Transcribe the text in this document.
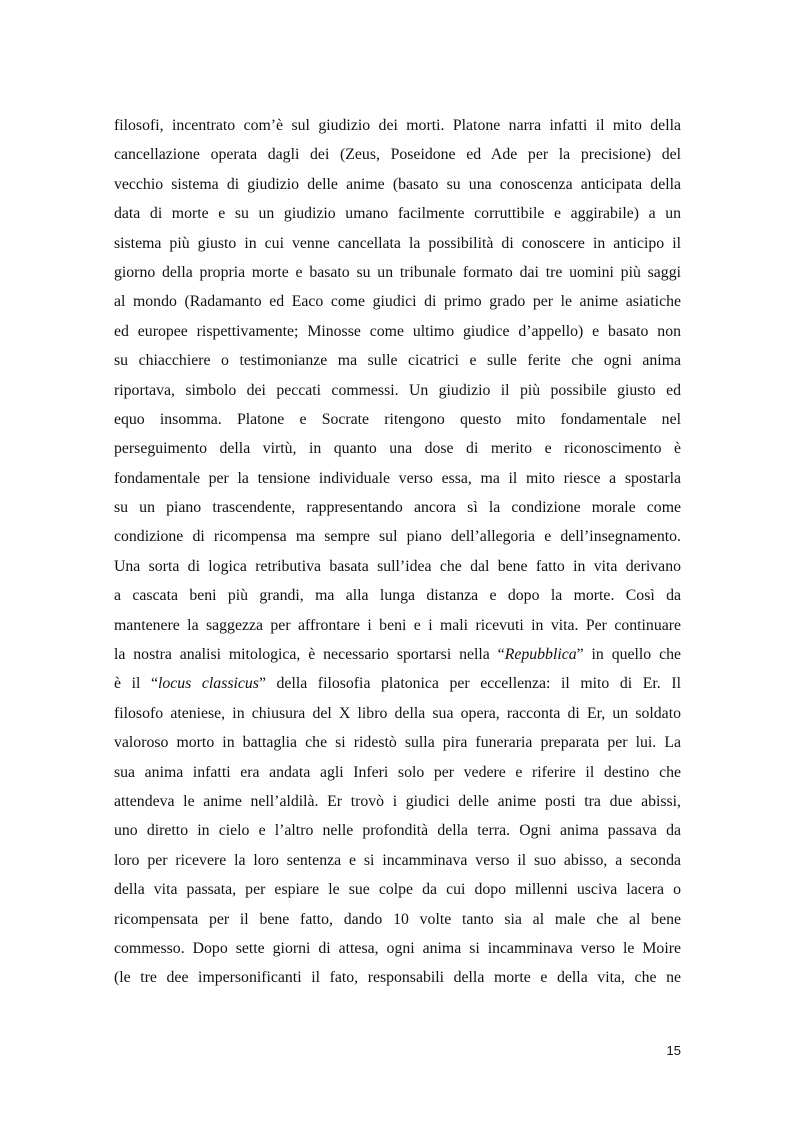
filosofi, incentrato com’è sul giudizio dei morti. Platone narra infatti il mito della
cancellazione operata dagli dei (Zeus, Poseidone ed Ade per la precisione) del
vecchio sistema di giudizio delle anime (basato su una conoscenza anticipata della
data di morte e su un giudizio umano facilmente corruttibile e aggirabile) a un
sistema più giusto in cui venne cancellata la possibilità di conoscere in anticipo il
giorno della propria morte e basato su un tribunale formato dai tre uomini più saggi
al mondo (Radamanto ed Eaco come giudici di primo grado per le anime asiatiche
ed europee rispettivamente; Minosse come ultimo giudice d’appello) e basato non
su chiacchiere o testimonianze ma sulle cicatrici e sulle ferite che ogni anima
riportava, simbolo dei peccati commessi. Un giudizio il più possibile giusto ed
equo insomma. Platone e Socrate ritengono questo mito fondamentale nel
perseguimento della virtù, in quanto una dose di merito e riconoscimento è
fondamentale per la tensione individuale verso essa, ma il mito riesce a spostarla
su un piano trascendente, rappresentando ancora sì la condizione morale come
condizione di ricompensa ma sempre sul piano dell’allegoria e dell’insegnamento.
Una sorta di logica retributiva basata sull’idea che dal bene fatto in vita derivano
a cascata beni più grandi, ma alla lunga distanza e dopo la morte. Così da
mantenere la saggezza per affrontare i beni e i mali ricevuti in vita. Per continuare
la nostra analisi mitologica, è necessario sportarsi nella “Repubblica” in quello che
è il “locus classicus” della filosofia platonica per eccellenza: il mito di Er. Il
filosofo ateniese, in chiusura del X libro della sua opera, racconta di Er, un soldato
valoroso morto in battaglia che si ridestò sulla pira funeraria preparata per lui. La
sua anima infatti era andata agli Inferi solo per vedere e riferire il destino che
attendeva le anime nell’aldilà. Er trovò i giudici delle anime posti tra due abissi,
uno diretto in cielo e l’altro nelle profondità della terra. Ogni anima passava da
loro per ricevere la loro sentenza e si incamminava verso il suo abisso, a seconda
della vita passata, per espiare le sue colpe da cui dopo millenni usciva lacera o
ricompensata per il bene fatto, dando 10 volte tanto sia al male che al bene
commesso. Dopo sette giorni di attesa, ogni anima si incamminava verso le Moire
(le tre dee impersonificanti il fato, responsabili della morte e della vita, che ne
15
